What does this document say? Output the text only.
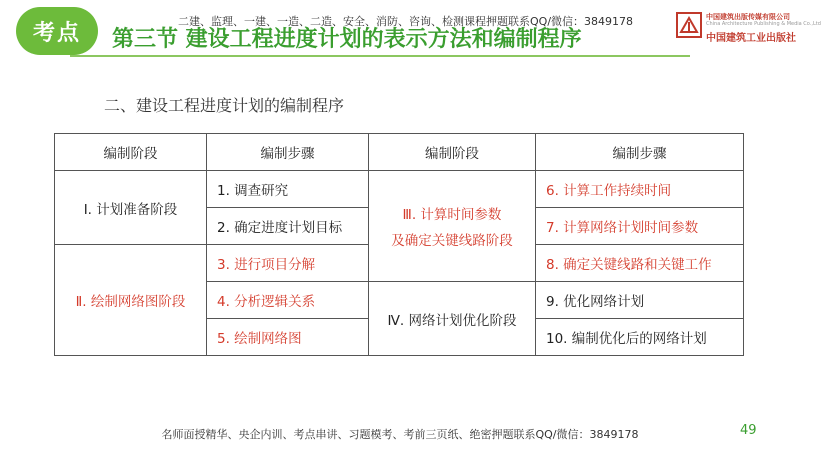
考点 第三节 建设工程进度计划的表示方法和编制程序
二建、监理、一建、一造、二造、安全、消防、咨询、检测课程押题联系QQ/微信：3849178	中国建筑出版传媒有限公司
China Architecture Publishing & Media Co.,Ltd
中国建筑工业出版社
二、建设工程进度计划的编制程序
编制阶段	编制步骤	编制阶段	编制步骤
Ⅰ. 计划准备阶段	1. 调查研究	Ⅲ. 计算时间参数
及确定关键线路阶段	6. 计算工作持续时间
	2. 确定进度计划目标		7. 计算网络计划时间参数
Ⅱ. 绘制网络图阶段	3. 进行项目分解		8. 确定关键线路和关键工作
	4. 分析逻辑关系	Ⅳ. 网络计划优化阶段	9. 优化网络计划
	5. 绘制网络图		10. 编制优化后的网络计划
名师面授精华、央企内训、考点串讲、习题模考、考前三页纸、绝密押题联系QQ/微信：3849178	49
